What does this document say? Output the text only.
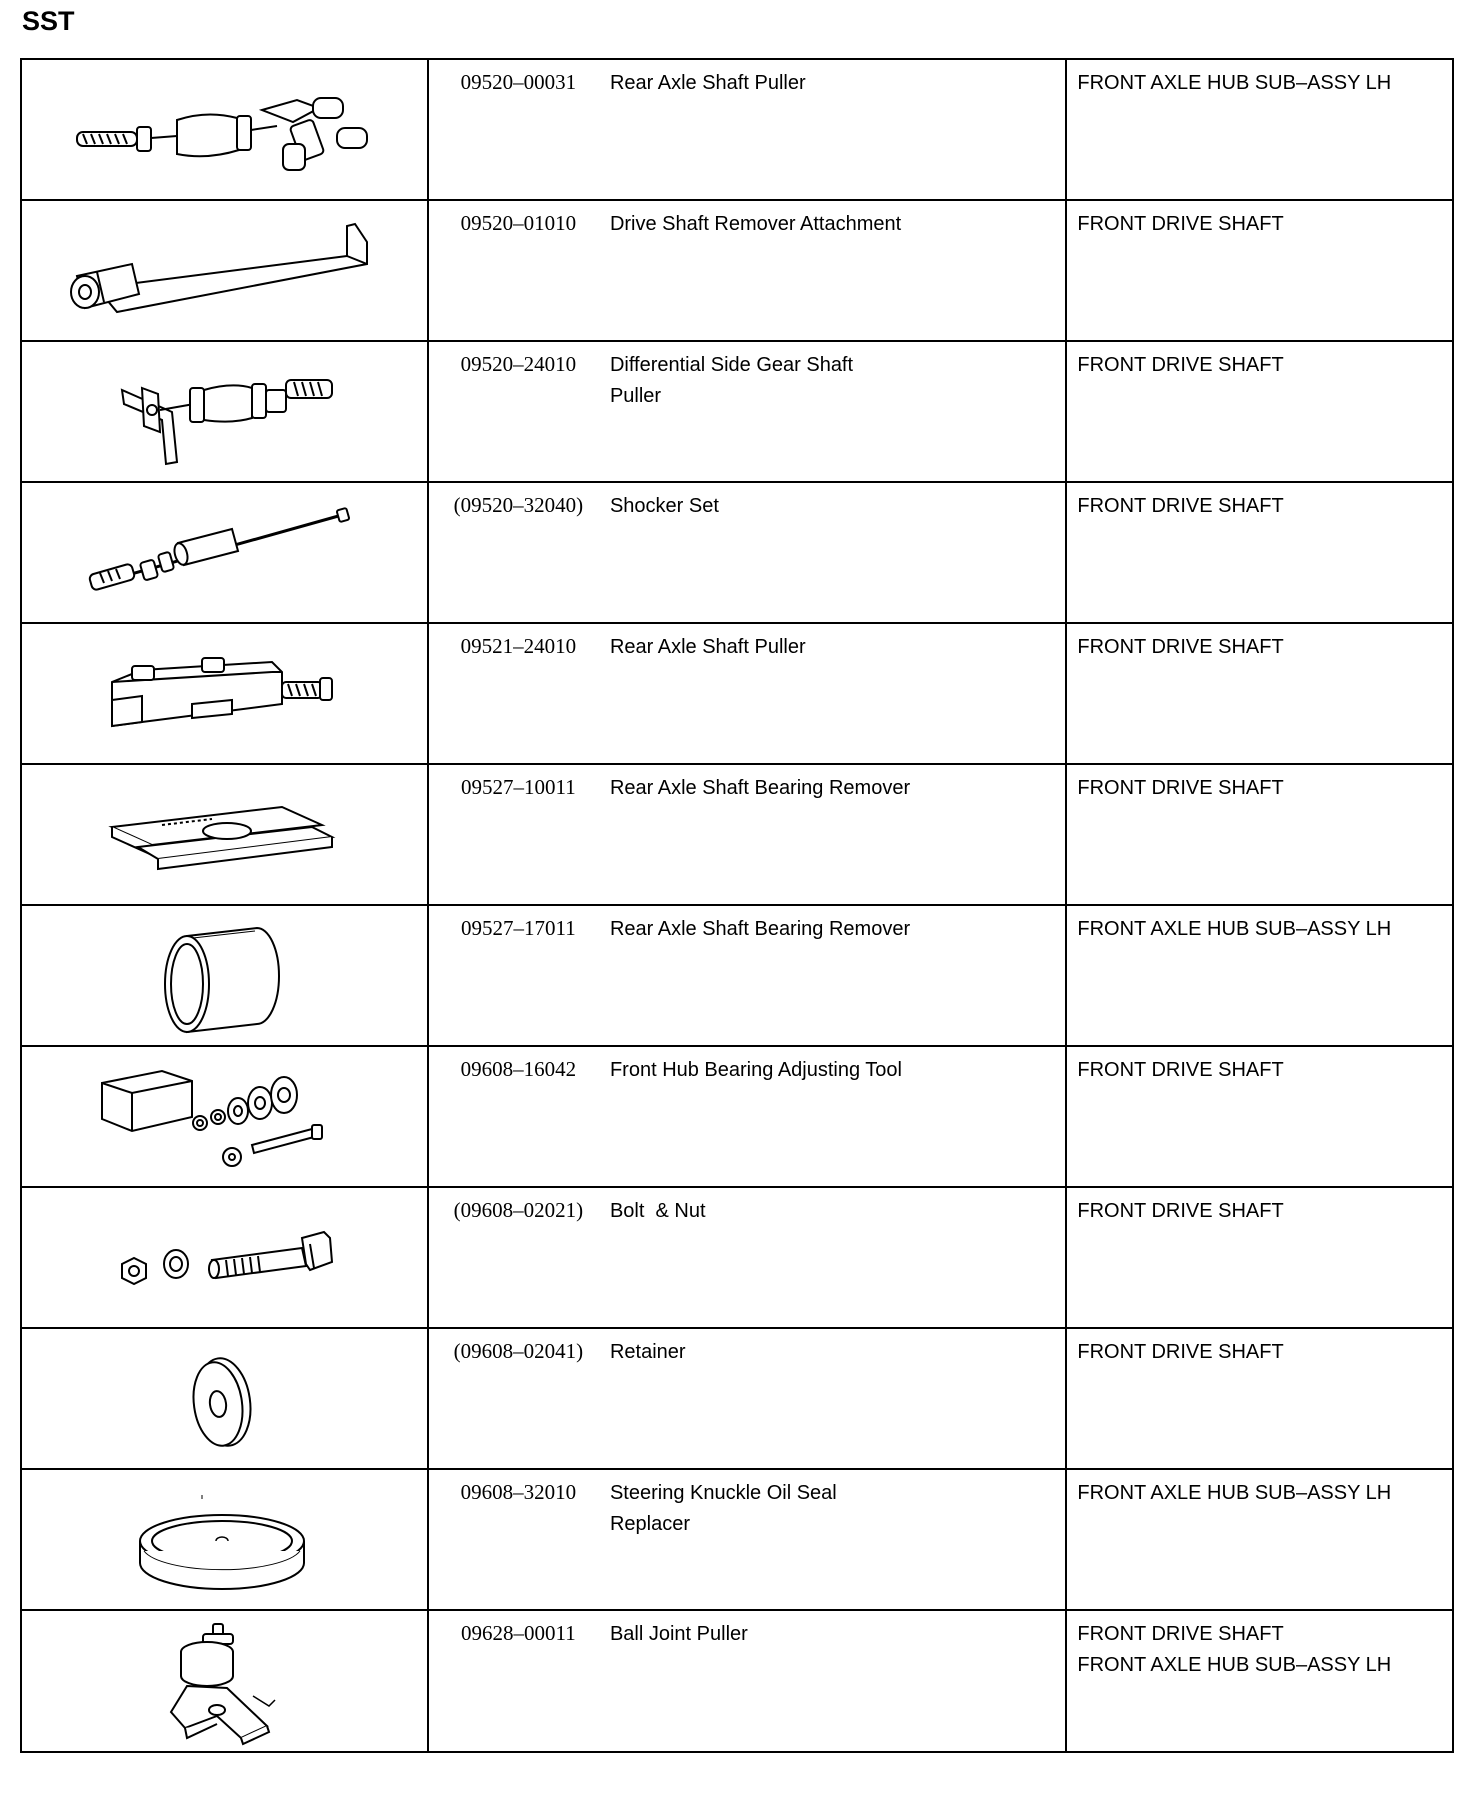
SST

09520–00031	Rear Axle Shaft Puller	FRONT AXLE HUB SUB–ASSY LH

09520–01010	Drive Shaft Remover Attachment	FRONT DRIVE SHAFT

09520–24010	Differential Side Gear Shaft
Puller	FRONT DRIVE SHAFT

(09520–32040)	Shocker Set	FRONT DRIVE SHAFT

09521–24010	Rear Axle Shaft Puller	FRONT DRIVE SHAFT

09527–10011	Rear Axle Shaft Bearing Remover	FRONT DRIVE SHAFT

09527–17011	Rear Axle Shaft Bearing Remover	FRONT AXLE HUB SUB–ASSY LH

09608–16042	Front Hub Bearing Adjusting Tool	FRONT DRIVE SHAFT

(09608–02021)	Bolt  & Nut	FRONT DRIVE SHAFT

(09608–02041)	Retainer	FRONT DRIVE SHAFT

09608–32010	Steering Knuckle Oil Seal
Replacer	FRONT AXLE HUB SUB–ASSY LH

09628–00011	Ball Joint Puller	FRONT DRIVE SHAFT
FRONT AXLE HUB SUB–ASSY LH
